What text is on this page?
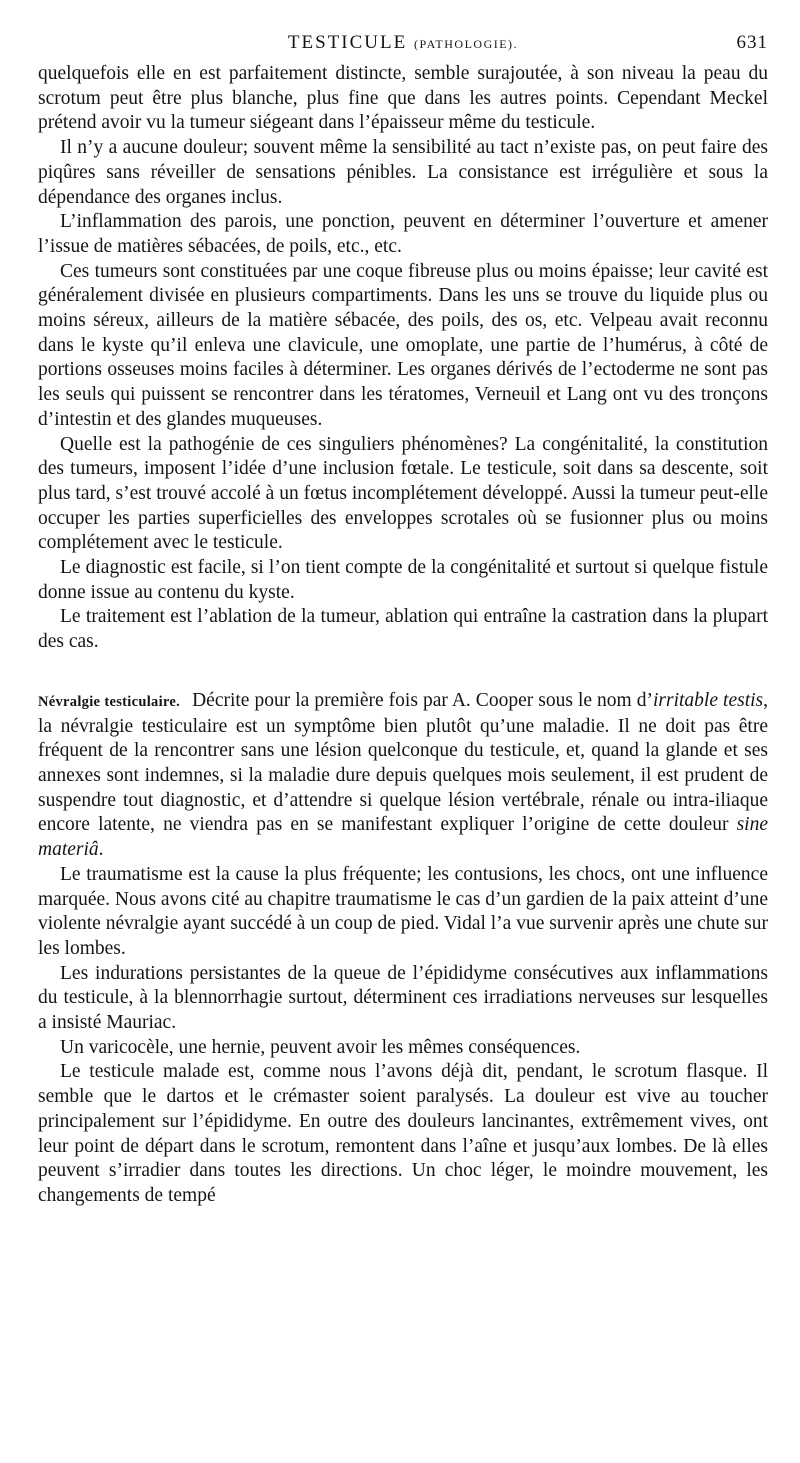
TESTICULE (PATHOLOGIE).	631

quelquefois elle en est parfaitement distincte, semble surajoutée, à son niveau la peau du scrotum peut être plus blanche, plus fine que dans les autres points. Cependant Meckel prétend avoir vu la tumeur siégeant dans l’épaisseur même du testicule.

Il n’y a aucune douleur; souvent même la sensibilité au tact n’existe pas, on peut faire des piqûres sans réveiller de sensations pénibles. La consistance est irrégulière et sous la dépendance des organes inclus.

L’inflammation des parois, une ponction, peuvent en déterminer l’ouverture et amener l’issue de matières sébacées, de poils, etc., etc.

Ces tumeurs sont constituées par une coque fibreuse plus ou moins épaisse; leur cavité est généralement divisée en plusieurs compartiments. Dans les uns se trouve du liquide plus ou moins séreux, ailleurs de la matière sébacée, des poils, des os, etc. Velpeau avait reconnu dans le kyste qu’il enleva une clavicule, une omoplate, une partie de l’humérus, à côté de portions osseuses moins faciles à déterminer. Les organes dérivés de l’ectoderme ne sont pas les seuls qui puissent se rencontrer dans les tératomes, Verneuil et Lang ont vu des tronçons d’intestin et des glandes muqueuses.

Quelle est la pathogénie de ces singuliers phénomènes? La congénitalité, la constitution des tumeurs, imposent l’idée d’une inclusion fœtale. Le testicule, soit dans sa descente, soit plus tard, s’est trouvé accolé à un fœtus incomplétement développé. Aussi la tumeur peut-elle occuper les parties superficielles des enveloppes scrotales où se fusionner plus ou moins complétement avec le testicule.

Le diagnostic est facile, si l’on tient compte de la congénitalité et surtout si quelque fistule donne issue au contenu du kyste.

Le traitement est l’ablation de la tumeur, ablation qui entraîne la castration dans la plupart des cas.

Névralgie testiculaire. Décrite pour la première fois par A. Cooper sous le nom d’irritable testis, la névralgie testiculaire est un symptôme bien plutôt qu’une maladie. Il ne doit pas être fréquent de la rencontrer sans une lésion quelconque du testicule, et, quand la glande et ses annexes sont indemnes, si la maladie dure depuis quelques mois seulement, il est prudent de suspendre tout diagnostic, et d’attendre si quelque lésion vertébrale, rénale ou intra-iliaque encore latente, ne viendra pas en se manifestant expliquer l’origine de cette douleur sine materiâ.

Le traumatisme est la cause la plus fréquente; les contusions, les chocs, ont une influence marquée. Nous avons cité au chapitre traumatisme le cas d’un gardien de la paix atteint d’une violente névralgie ayant succédé à un coup de pied. Vidal l’a vue survenir après une chute sur les lombes.

Les indurations persistantes de la queue de l’épididyme consécutives aux inflammations du testicule, à la blennorrhagie surtout, déterminent ces irradiations nerveuses sur lesquelles a insisté Mauriac.

Un varicocèle, une hernie, peuvent avoir les mêmes conséquences.

Le testicule malade est, comme nous l’avons déjà dit, pendant, le scrotum flasque. Il semble que le dartos et le crémaster soient paralysés. La douleur est vive au toucher principalement sur l’épididyme. En outre des douleurs lancinantes, extrêmement vives, ont leur point de départ dans le scrotum, remontent dans l’aîne et jusqu’aux lombes. De là elles peuvent s’irradier dans toutes les directions. Un choc léger, le moindre mouvement, les changements de tempé
